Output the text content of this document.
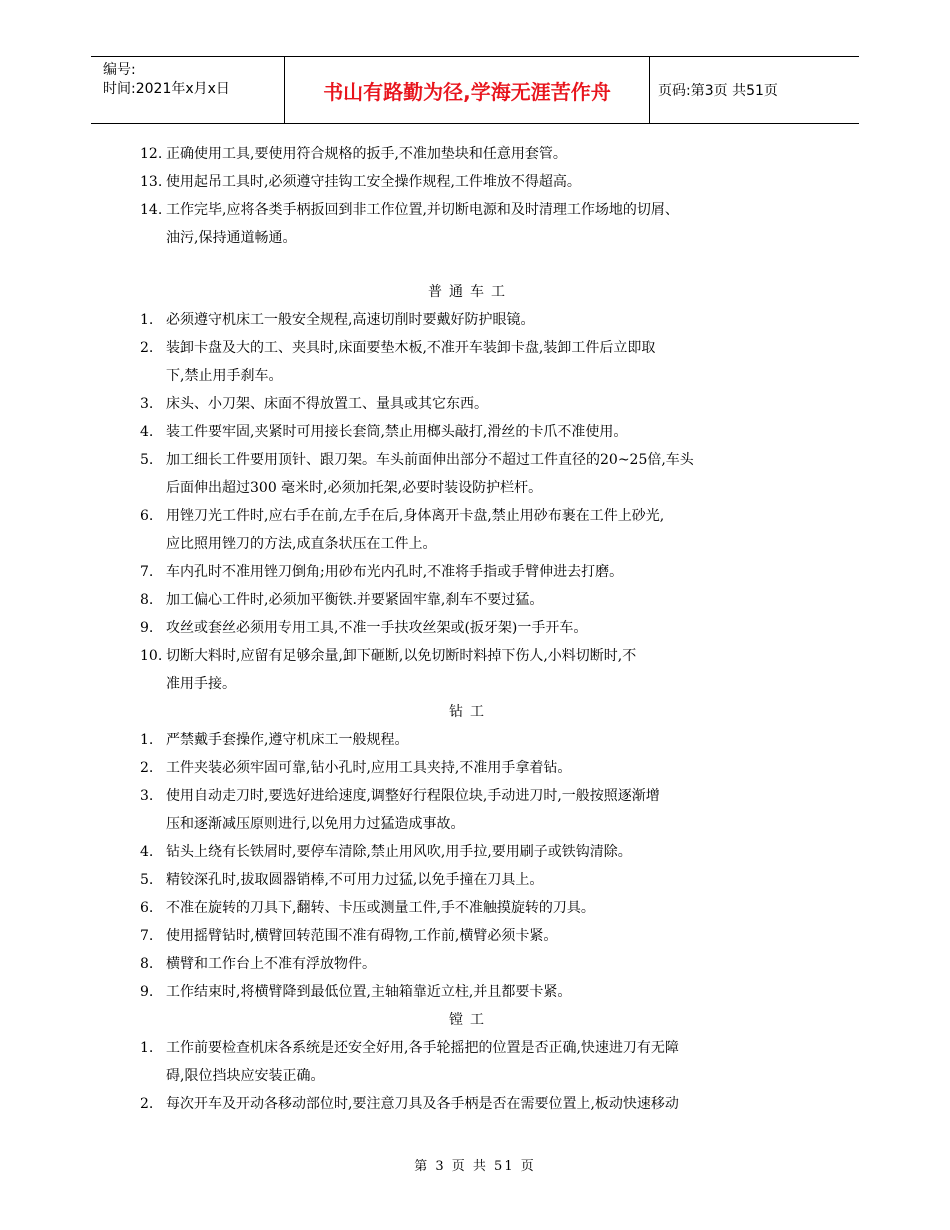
编号:
时间:2021年x月x日	书山有路勤为径,学海无涯苦作舟	页码:第3页 共51页
12. 正确使用工具,要使用符合规格的扳手,不准加垫块和任意用套管。
13. 使用起吊工具时,必须遵守挂钩工安全操作规程,工件堆放不得超高。
14. 工作完毕,应将各类手柄扳回到非工作位置,并切断电源和及时清理工作场地的切屑、
油污,保持通道畅通。
普通车工
1. 必须遵守机床工一般安全规程,高速切削时要戴好防护眼镜。
2. 装卸卡盘及大的工、夹具时,床面要垫木板,不准开车装卸卡盘,装卸工件后立即取
下,禁止用手刹车。
3. 床头、小刀架、床面不得放置工、量具或其它东西。
4. 装工件要牢固,夹紧时可用接长套筒,禁止用榔头敲打,滑丝的卡爪不准使用。
5. 加工细长工件要用顶针、跟刀架。车头前面伸出部分不超过工件直径的20~25倍,车头
后面伸出超过300 毫米时,必须加托架,必要时装设防护栏杆。
6. 用锉刀光工件时,应右手在前,左手在后,身体离开卡盘,禁止用砂布裹在工件上砂光,
应比照用锉刀的方法,成直条状压在工件上。
7. 车内孔时不准用锉刀倒角;用砂布光内孔时,不准将手指或手臂伸进去打磨。
8. 加工偏心工件时,必须加平衡铁.并要紧固牢靠,刹车不要过猛。
9. 攻丝或套丝必须用专用工具,不准一手扶攻丝架或(扳牙架)一手开车。
10. 切断大料时,应留有足够余量,卸下砸断,以免切断时料掉下伤人,小料切断时,不
准用手接。
钻工
1. 严禁戴手套操作,遵守机床工一般规程。
2. 工件夹装必须牢固可靠,钻小孔时,应用工具夹持,不准用手拿着钻。
3. 使用自动走刀时,要选好进给速度,调整好行程限位块,手动进刀时,一般按照逐渐增
压和逐渐减压原则进行,以免用力过猛造成事故。
4. 钻头上绕有长铁屑时,要停车清除,禁止用风吹,用手拉,要用刷子或铁钩清除。
5. 精铰深孔时,拔取圆器销棒,不可用力过猛,以免手撞在刀具上。
6. 不准在旋转的刀具下,翻转、卡压或测量工件,手不准触摸旋转的刀具。
7. 使用摇臂钻时,横臂回转范围不准有碍物,工作前,横臂必须卡紧。
8. 横臂和工作台上不准有浮放物件。
9. 工作结束时,将横臂降到最低位置,主轴箱靠近立柱,并且都要卡紧。
镗工
1. 工作前要检查机床各系统是还安全好用,各手轮摇把的位置是否正确,快速进刀有无障
碍,限位挡块应安装正确。
2. 每次开车及开动各移动部位时,要注意刀具及各手柄是否在需要位置上,板动快速移动
第 3 页 共 51 页
